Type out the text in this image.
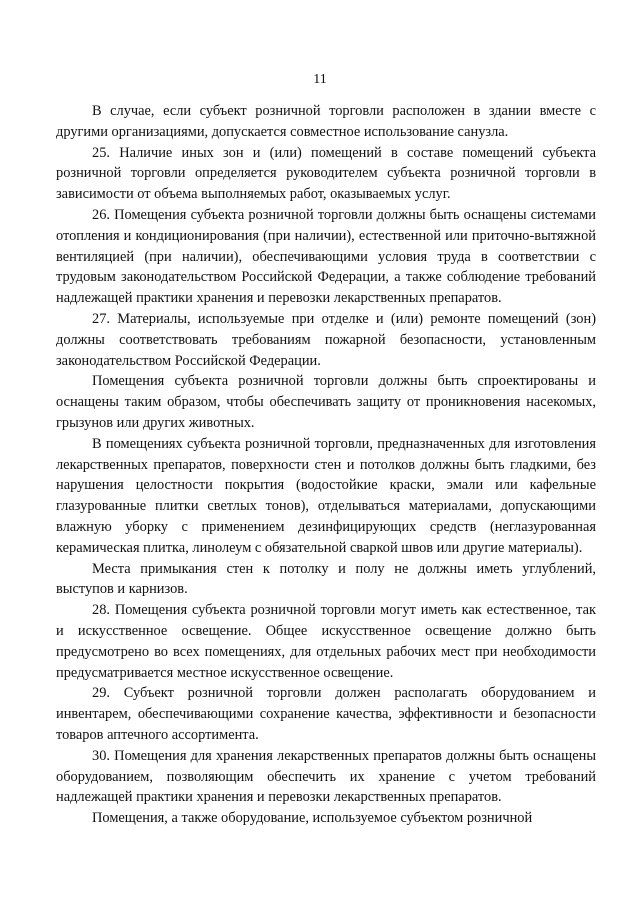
11

В случае, если субъект розничной торговли расположен в здании вместе с другими организациями, допускается совместное использование санузла.

25. Наличие иных зон и (или) помещений в составе помещений субъекта розничной торговли определяется руководителем субъекта розничной торговли в зависимости от объема выполняемых работ, оказываемых услуг.

26. Помещения субъекта розничной торговли должны быть оснащены системами отопления и кондиционирования (при наличии), естественной или приточно-вытяжной вентиляцией (при наличии), обеспечивающими условия труда в соответствии с трудовым законодательством Российской Федерации, а также соблюдение требований надлежащей практики хранения и перевозки лекарственных препаратов.

27. Материалы, используемые при отделке и (или) ремонте помещений (зон) должны соответствовать требованиям пожарной безопасности, установленным законодательством Российской Федерации.

Помещения субъекта розничной торговли должны быть спроектированы и оснащены таким образом, чтобы обеспечивать защиту от проникновения насекомых, грызунов или других животных.

В помещениях субъекта розничной торговли, предназначенных для изготовления лекарственных препаратов, поверхности стен и потолков должны быть гладкими, без нарушения целостности покрытия (водостойкие краски, эмали или кафельные глазурованные плитки светлых тонов), отделываться материалами, допускающими влажную уборку с применением дезинфицирующих средств (неглазурованная керамическая плитка, линолеум с обязательной сваркой швов или другие материалы).

Места примыкания стен к потолку и полу не должны иметь углублений, выступов и карнизов.

28. Помещения субъекта розничной торговли могут иметь как естественное, так и искусственное освещение. Общее искусственное освещение должно быть предусмотрено во всех помещениях, для отдельных рабочих мест при необходимости предусматривается местное искусственное освещение.

29. Субъект розничной торговли должен располагать оборудованием и инвентарем, обеспечивающими сохранение качества, эффективности и безопасности товаров аптечного ассортимента.

30. Помещения для хранения лекарственных препаратов должны быть оснащены оборудованием, позволяющим обеспечить их хранение с учетом требований надлежащей практики хранения и перевозки лекарственных препаратов.

Помещения, а также оборудование, используемое субъектом розничной
